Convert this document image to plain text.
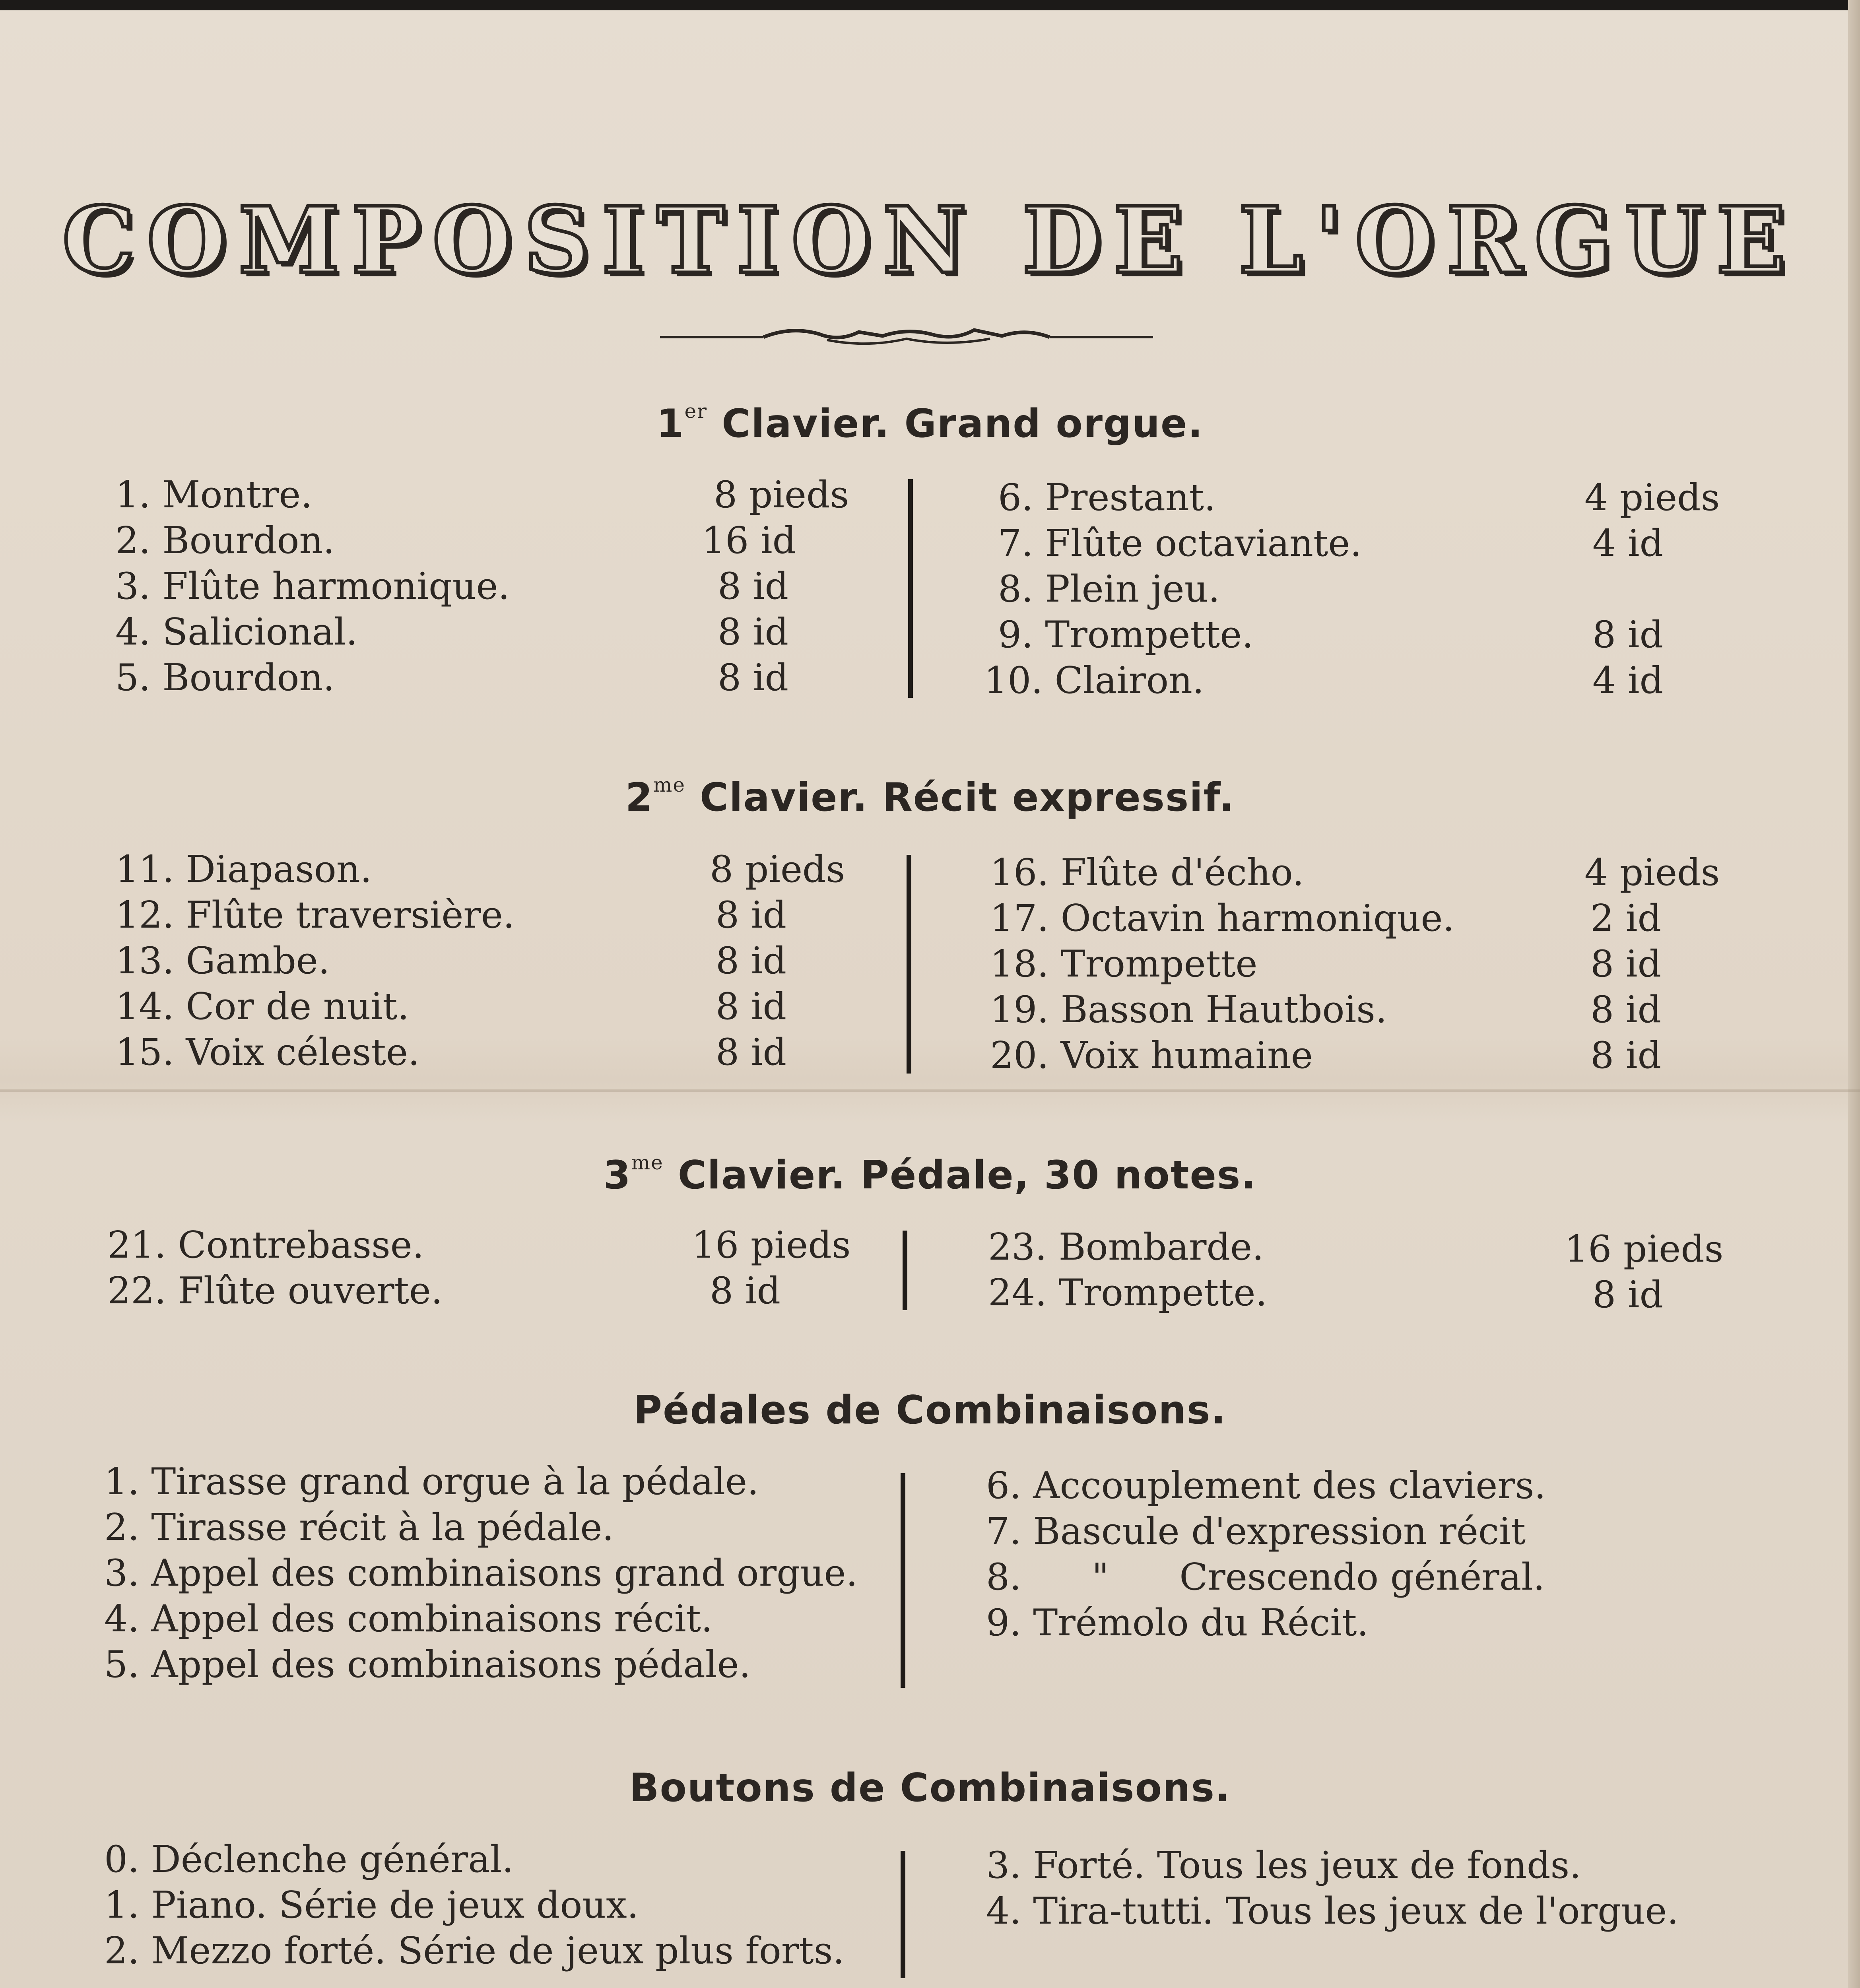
COMPOSITION DE L'ORGUE
1er Clavier. Grand orgue.
1. Montre.	8 pieds
2. Bourdon.	16 id
3. Flûte harmonique.	8 id
4. Salicional.	8 id
5. Bourdon.	8 id
6. Prestant.	4 pieds
7. Flûte octaviante.	4 id
8. Plein jeu.
9. Trompette.	8 id
10. Clairon.	4 id
$2^{me}$ Clavier. Récit expressif.
11. Diapason.	8 pieds
12. Flûte traversière.	8 id
13. Gambe.	8 id
14. Cor de nuit.	8 id
15. Voix céleste.	8 id
16. Flûte d'écho.	4 pieds
17. Octavin harmonique.	2 id
18. Trompette	8 id
19. Basson Hautbois.	8 id
20. Voix humaine	8 id
$3^{me}$ Clavier. Pédale, 30 notes.
21. Contrebasse.	16 pieds
22. Flûte ouverte.	8 id
23. Bombarde.	16 pieds
24. Trompette.	8 id
Pédales de Combinaisons.
1. Tirasse grand orgue à la pédale.
2. Tirasse récit à la pédale.
3. Appel des combinaisons grand orgue.
4. Appel des combinaisons récit.
5. Appel des combinaisons pédale.
6. Accouplement des claviers.
7. Bascule d'expression récit
8.      "      Crescendo général.
9. Trémolo du Récit.
Boutons de Combinaisons.
0. Déclenche général.
1. Piano. Série de jeux doux.
2. Mezzo forté. Série de jeux plus forts.
3. Forté. Tous les jeux de fonds.
4. Tira-tutti. Tous les jeux de l'orgue.
